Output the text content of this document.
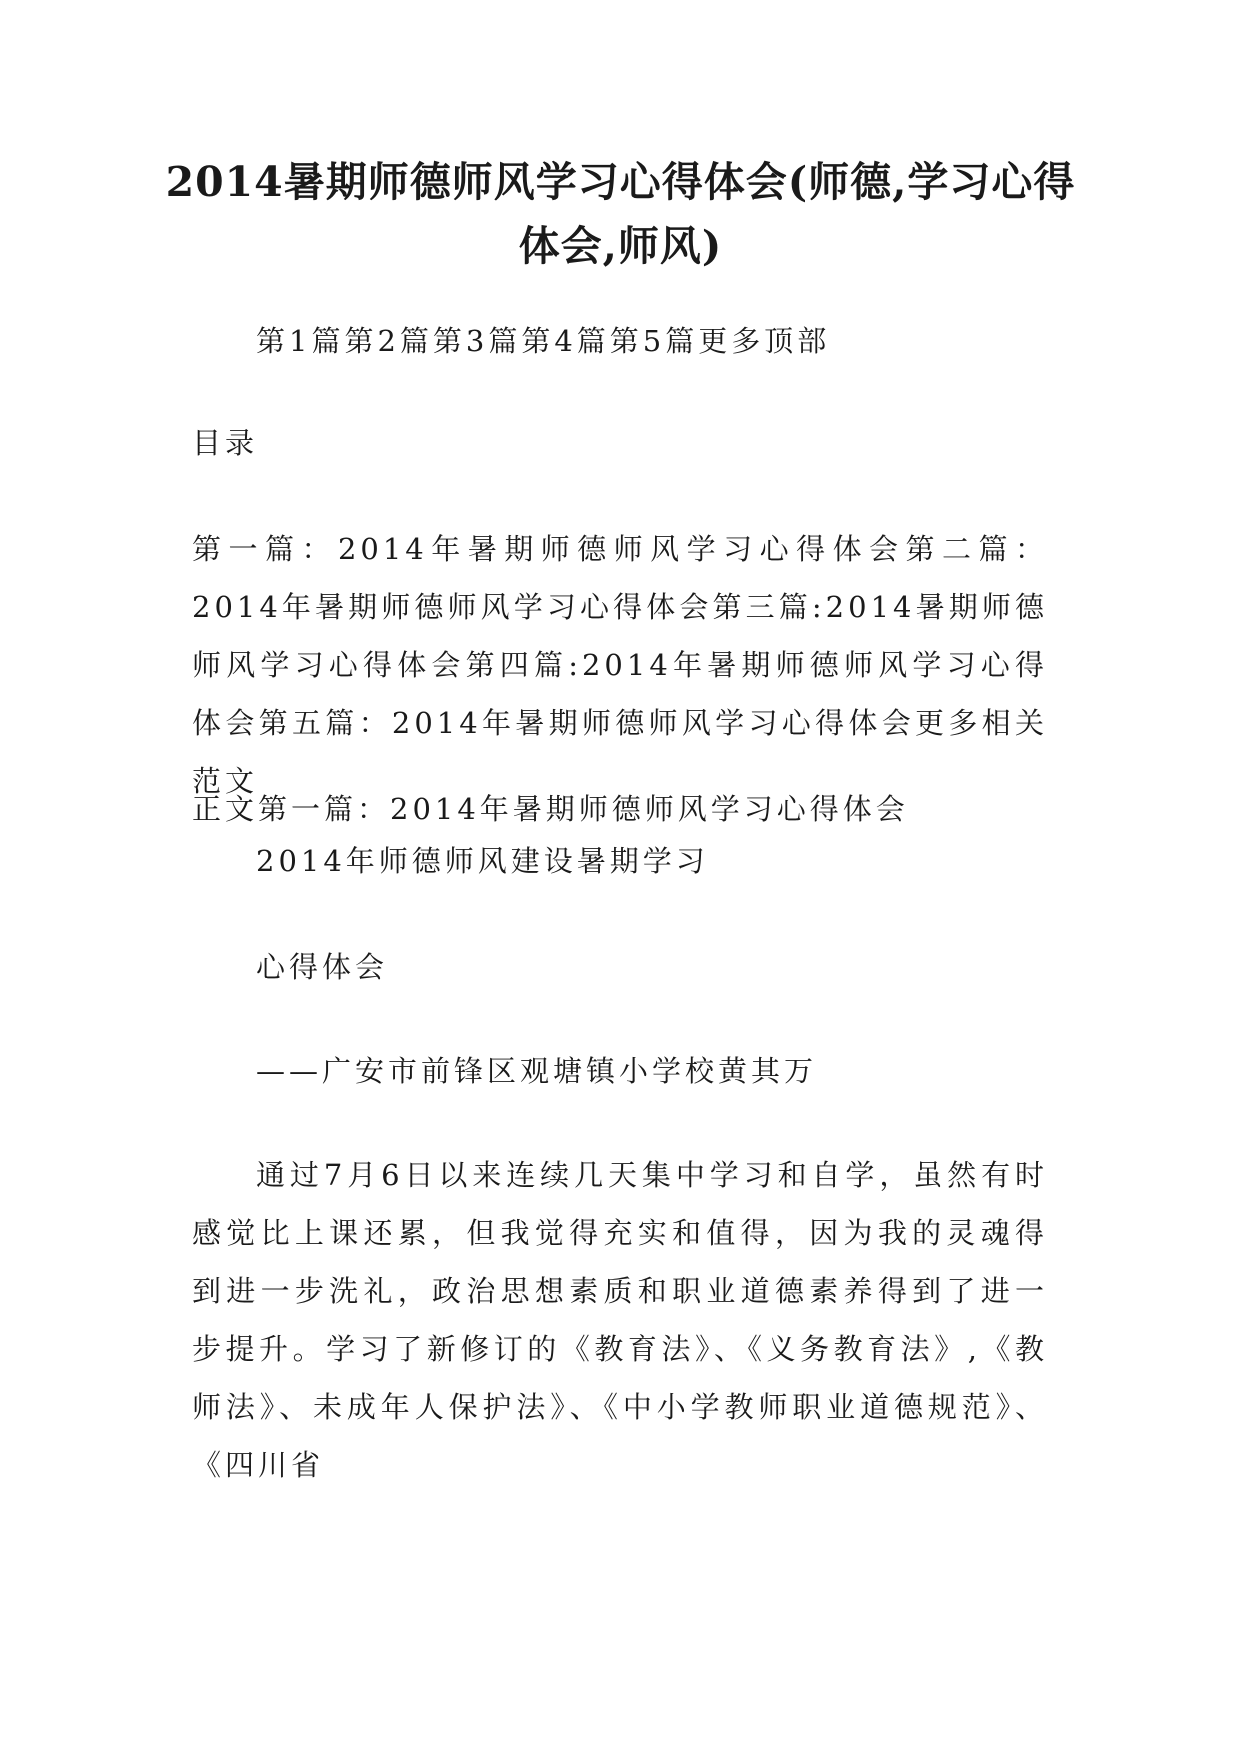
2014暑期师德师风学习心得体会(师德,学习心得体会,师风)

第1篇第2篇第3篇第4篇第5篇更多顶部

目录

第一篇：2014年暑期师德师风学习心得体会第二篇：2014年暑期师德师风学习心得体会第三篇:2014暑期师德师风学习心得体会第四篇:2014年暑期师德师风学习心得体会第五篇：2014年暑期师德师风学习心得体会更多相关范文

正文第一篇：2014年暑期师德师风学习心得体会

2014年师德师风建设暑期学习

心得体会

——广安市前锋区观塘镇小学校黄其万

通过7月6日以来连续几天集中学习和自学，虽然有时感觉比上课还累，但我觉得充实和值得，因为我的灵魂得到进一步洗礼，政治思想素质和职业道德素养得到了进一步提升。学习了新修订的《教育法》、《义务教育法》,《教师法》、未成年人保护法》、《中小学教师职业道德规范》、《四川省
